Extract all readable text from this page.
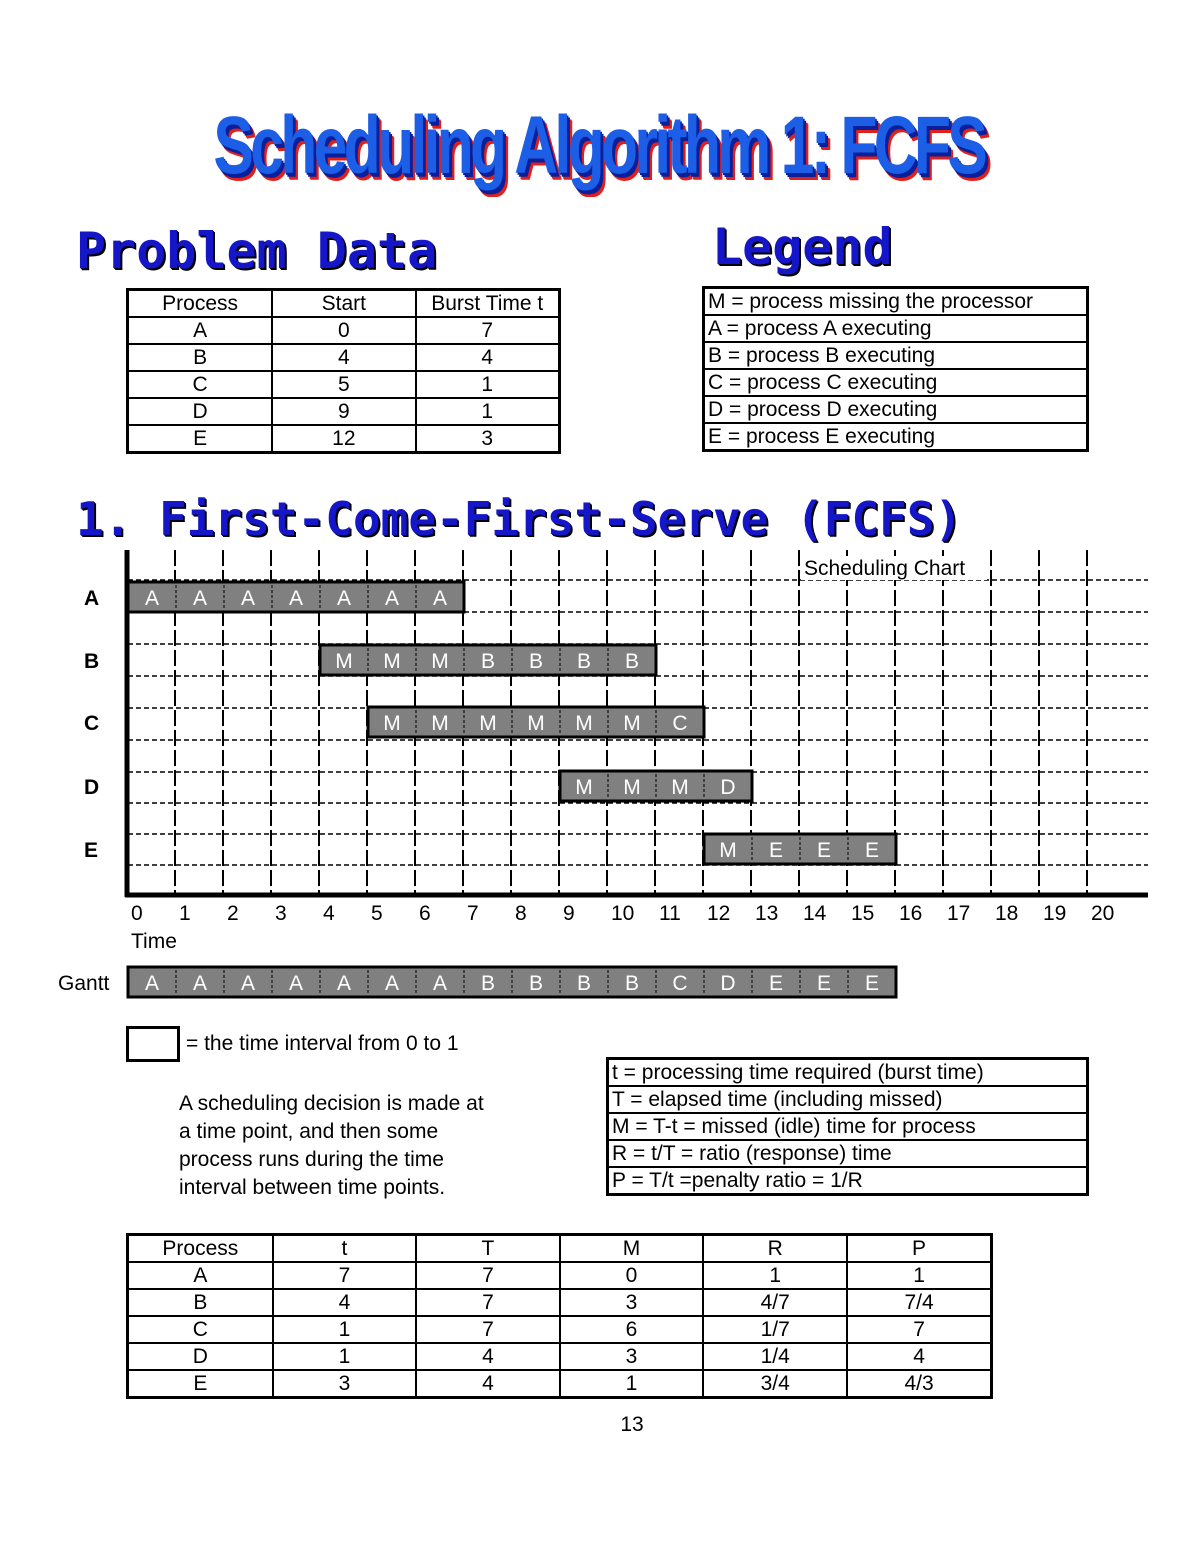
Scheduling Algorithm 1: FCFS
Problem Data	Legend
Process	Start	Burst Time t
A	0	7
B	4	4
C	5	1
D	9	1
E	12	3
M = process missing the processor
A = process A executing
B = process B executing
C = process C executing
D = process D executing
E = process E executing
1. First-Come-First-Serve (FCFS)
Scheduling Chart
A
B
C
D
E
A A A A A A A
M M M B B B B
M M M M M M C
M M M D
M E E E
0 1 2 3 4 5 6 7 8 9 10 11 12 13 14 15 16 17 18 19 20
Time
Gantt A A A A A A A B B B B C D E E E
= the time interval from 0 to 1
A scheduling decision is made at
a time point, and then some
process runs during the time
interval between time points.
t = processing time required (burst time)
T = elapsed time (including missed)
M = T-t = missed (idle) time for process
R = t/T = ratio (response) time
P = T/t =penalty ratio = 1/R
Process	t	T	M	R	P
A	7	7	0	1	1
B	4	7	3	4/7	7/4
C	1	7	6	1/7	7
D	1	4	3	1/4	4
E	3	4	1	3/4	4/3
13
